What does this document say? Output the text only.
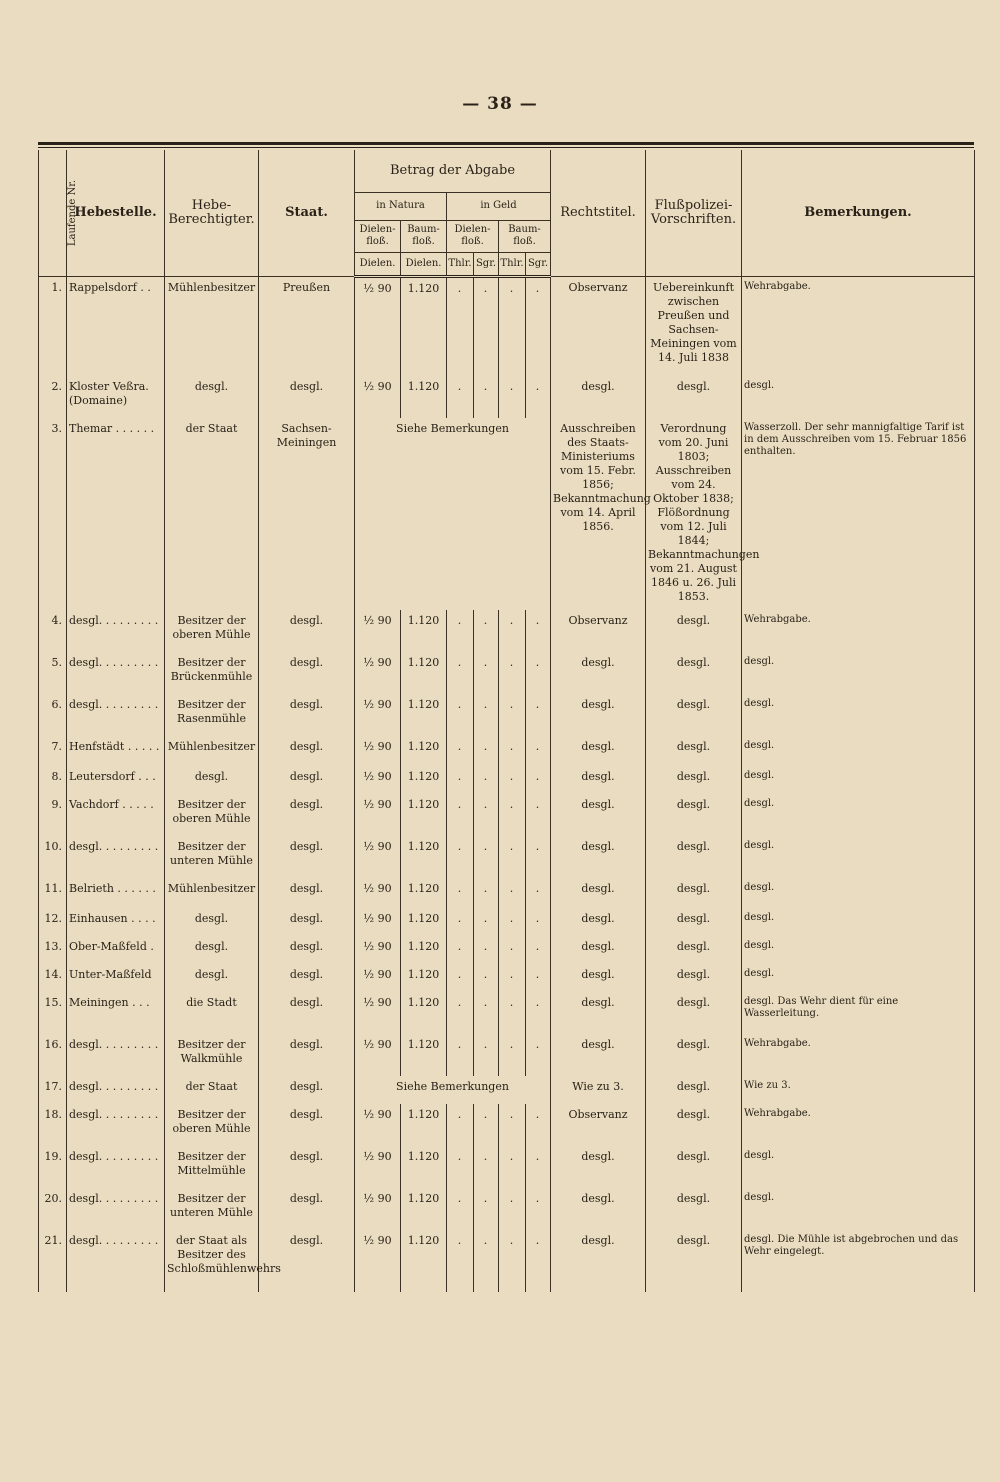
— 38 —
Laufende Nr.	Hebestelle.	Hebe-Berechtigter.	Staat.	Betrag der Abgabe						Rechtstitel.	Flußpolizei-Vorschriften.	Bemerkungen.
				in Natura		in Geld						
				Dielen-floß.	Baum-floß.	Dielen-floß.		Baum-floß.				
				Dielen.	Dielen.	Thlr.	Sgr.	Thlr.	Sgr.			
1.	Rappelsdorf . .	Mühlenbesitzer	Preußen	½ 90	1.120	.	.	.	.	Observanz	Uebereinkunft zwischen Preußen und Sachsen-Meiningen vom 14. Juli 1838	Wehrabgabe.
2.	Kloster Veßra. (Domaine)	desgl.	desgl.	½ 90	1.120	.	.	.	.	desgl.	desgl.	desgl.
3.	Themar . . . . . .	der Staat	Sachsen-Meiningen	Siehe Bemerkungen						Ausschreiben des Staats-Ministeriums vom 15. Febr. 1856; Bekanntmachung vom 14. April 1856.	Verordnung vom 20. Juni 1803; Ausschreiben vom 24. Oktober 1838; Flößordnung vom 12. Juli 1844; Bekanntmachungen vom 21. August 1846 u. 26. Juli 1853.	Wasserzoll. Der sehr mannigfaltige Tarif ist in dem Ausschreiben vom 15. Februar 1856 enthalten.
4.	desgl. . . . . . . . .	Besitzer der oberen Mühle	desgl.	½ 90	1.120	.	.	.	.	Observanz	desgl.	Wehrabgabe.
5.	desgl. . . . . . . . .	Besitzer der Brückenmühle	desgl.	½ 90	1.120	.	.	.	.	desgl.	desgl.	desgl.
6.	desgl. . . . . . . . .	Besitzer der Rasenmühle	desgl.	½ 90	1.120	.	.	.	.	desgl.	desgl.	desgl.
7.	Henfstädt . . . . .	Mühlenbesitzer	desgl.	½ 90	1.120	.	.	.	.	desgl.	desgl.	desgl.
8.	Leutersdorf . . .	desgl.	desgl.	½ 90	1.120	.	.	.	.	desgl.	desgl.	desgl.
9.	Vachdorf . . . . .	Besitzer der oberen Mühle	desgl.	½ 90	1.120	.	.	.	.	desgl.	desgl.	desgl.
10.	desgl. . . . . . . . .	Besitzer der unteren Mühle	desgl.	½ 90	1.120	.	.	.	.	desgl.	desgl.	desgl.
11.	Belrieth . . . . . .	Mühlenbesitzer	desgl.	½ 90	1.120	.	.	.	.	desgl.	desgl.	desgl.
12.	Einhausen . . . .	desgl.	desgl.	½ 90	1.120	.	.	.	.	desgl.	desgl.	desgl.
13.	Ober-Maßfeld .	desgl.	desgl.	½ 90	1.120	.	.	.	.	desgl.	desgl.	desgl.
14.	Unter-Maßfeld	desgl.	desgl.	½ 90	1.120	.	.	.	.	desgl.	desgl.	desgl.
15.	Meiningen . . .	die Stadt	desgl.	½ 90	1.120	.	.	.	.	desgl.	desgl.	desgl. Das Wehr dient für eine Wasserleitung.
16.	desgl. . . . . . . . .	Besitzer der Walkmühle	desgl.	½ 90	1.120	.	.	.	.	desgl.	desgl.	Wehrabgabe.
17.	desgl. . . . . . . . .	der Staat	desgl.	Siehe Bemerkungen						Wie zu 3.	desgl.	Wie zu 3.
18.	desgl. . . . . . . . .	Besitzer der oberen Mühle	desgl.	½ 90	1.120	.	.	.	.	Observanz	desgl.	Wehrabgabe.
19.	desgl. . . . . . . . .	Besitzer der Mittelmühle	desgl.	½ 90	1.120	.	.	.	.	desgl.	desgl.	desgl.
20.	desgl. . . . . . . . .	Besitzer der unteren Mühle	desgl.	½ 90	1.120	.	.	.	.	desgl.	desgl.	desgl.
21.	desgl. . . . . . . . .	der Staat als Besitzer des Schloßmühlenwehrs	desgl.	½ 90	1.120	.	.	.	.	desgl.	desgl.	desgl. Die Mühle ist abgebrochen und das Wehr eingelegt.
